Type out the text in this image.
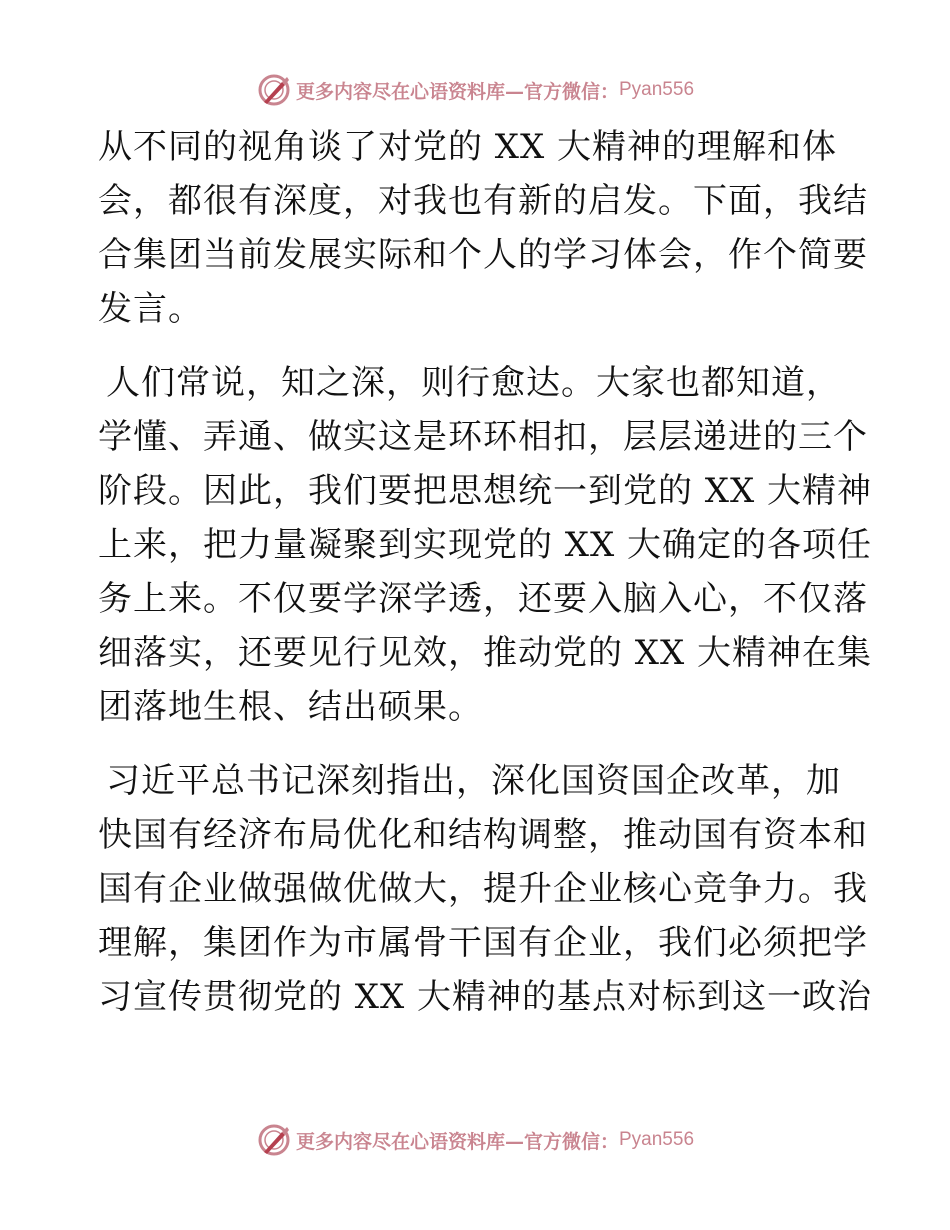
更多内容尽在心语资料库—官方微信： Pyan556
从不同的视角谈了对党的 XX 大精神的理解和体
会，都很有深度，对我也有新的启发。下面，我结
合集团当前发展实际和个人的学习体会，作个简要
发言。
人们常说，知之深，则行愈达。大家也都知道，
学懂、弄通、做实这是环环相扣，层层递进的三个
阶段。因此，我们要把思想统一到党的 XX 大精神
上来，把力量凝聚到实现党的 XX 大确定的各项任
务上来。不仅要学深学透，还要入脑入心，不仅落
细落实，还要见行见效，推动党的 XX 大精神在集
团落地生根、结出硕果。
习近平总书记深刻指出，深化国资国企改革，加
快国有经济布局优化和结构调整，推动国有资本和
国有企业做强做优做大，提升企业核心竞争力。我
理解，集团作为市属骨干国有企业，我们必须把学
习宣传贯彻党的 XX 大精神的基点对标到这一政治
更多内容尽在心语资料库—官方微信： Pyan556
